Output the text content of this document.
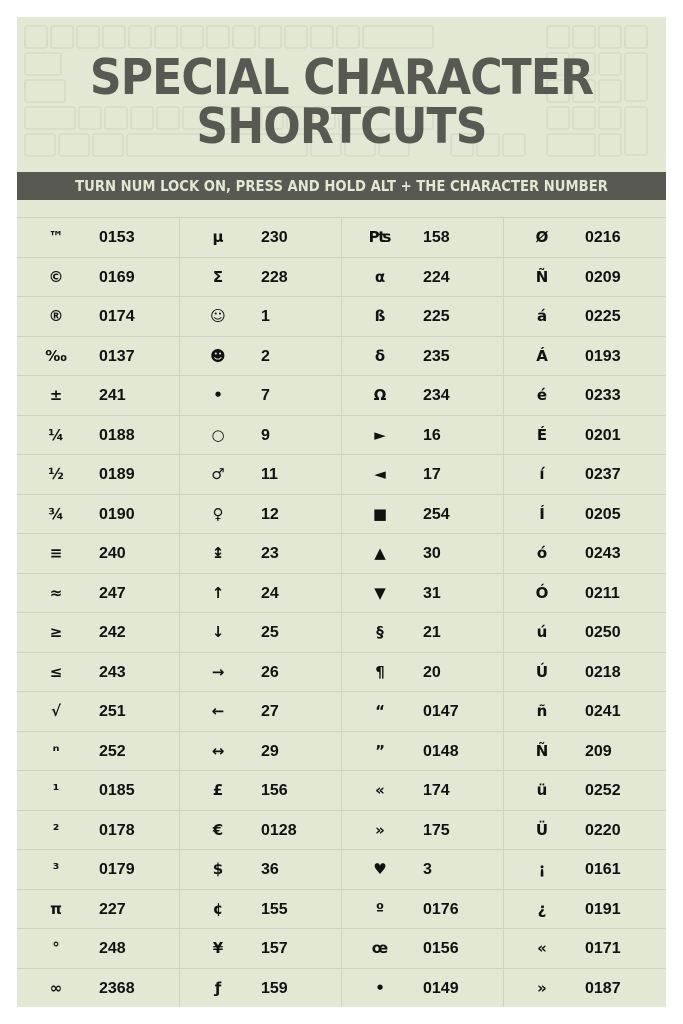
SPECIAL CHARACTER SHORTCUTS
TURN NUM LOCK ON, PRESS AND HOLD ALT + THE CHARACTER NUMBER
™	0153	µ	230	₧	158	Ø	0216
©	0169	Σ	228	α	224	Ñ	0209
®	0174	☺	1	ß	225	á	0225
‰	0137	☻	2	δ	235	Á	0193
±	241	•	7	Ω	234	é	0233
¼	0188	○	9	►	16	É	0201
½	0189	♂	11	◄	17	í	0237
¾	0190	♀	12	■	254	Í	0205
≡	240	↨	23	▲	30	ó	0243
≈	247	↑	24	▼	31	Ó	0211
≥	242	↓	25	§	21	ú	0250
≤	243	→	26	¶	20	Ú	0218
√	251	←	27	“	0147	ñ	0241
ⁿ	252	↔	29	”	0148	Ñ	209
¹	0185	£	156	«	174	ü	0252
²	0178	€	0128	»	175	Ü	0220
³	0179	$	36	♥	3	¡	0161
π	227	¢	155	º	0176	¿	0191
°	248	¥	157	œ	0156	«	0171
∞	2368	ƒ	159	•	0149	»	0187
